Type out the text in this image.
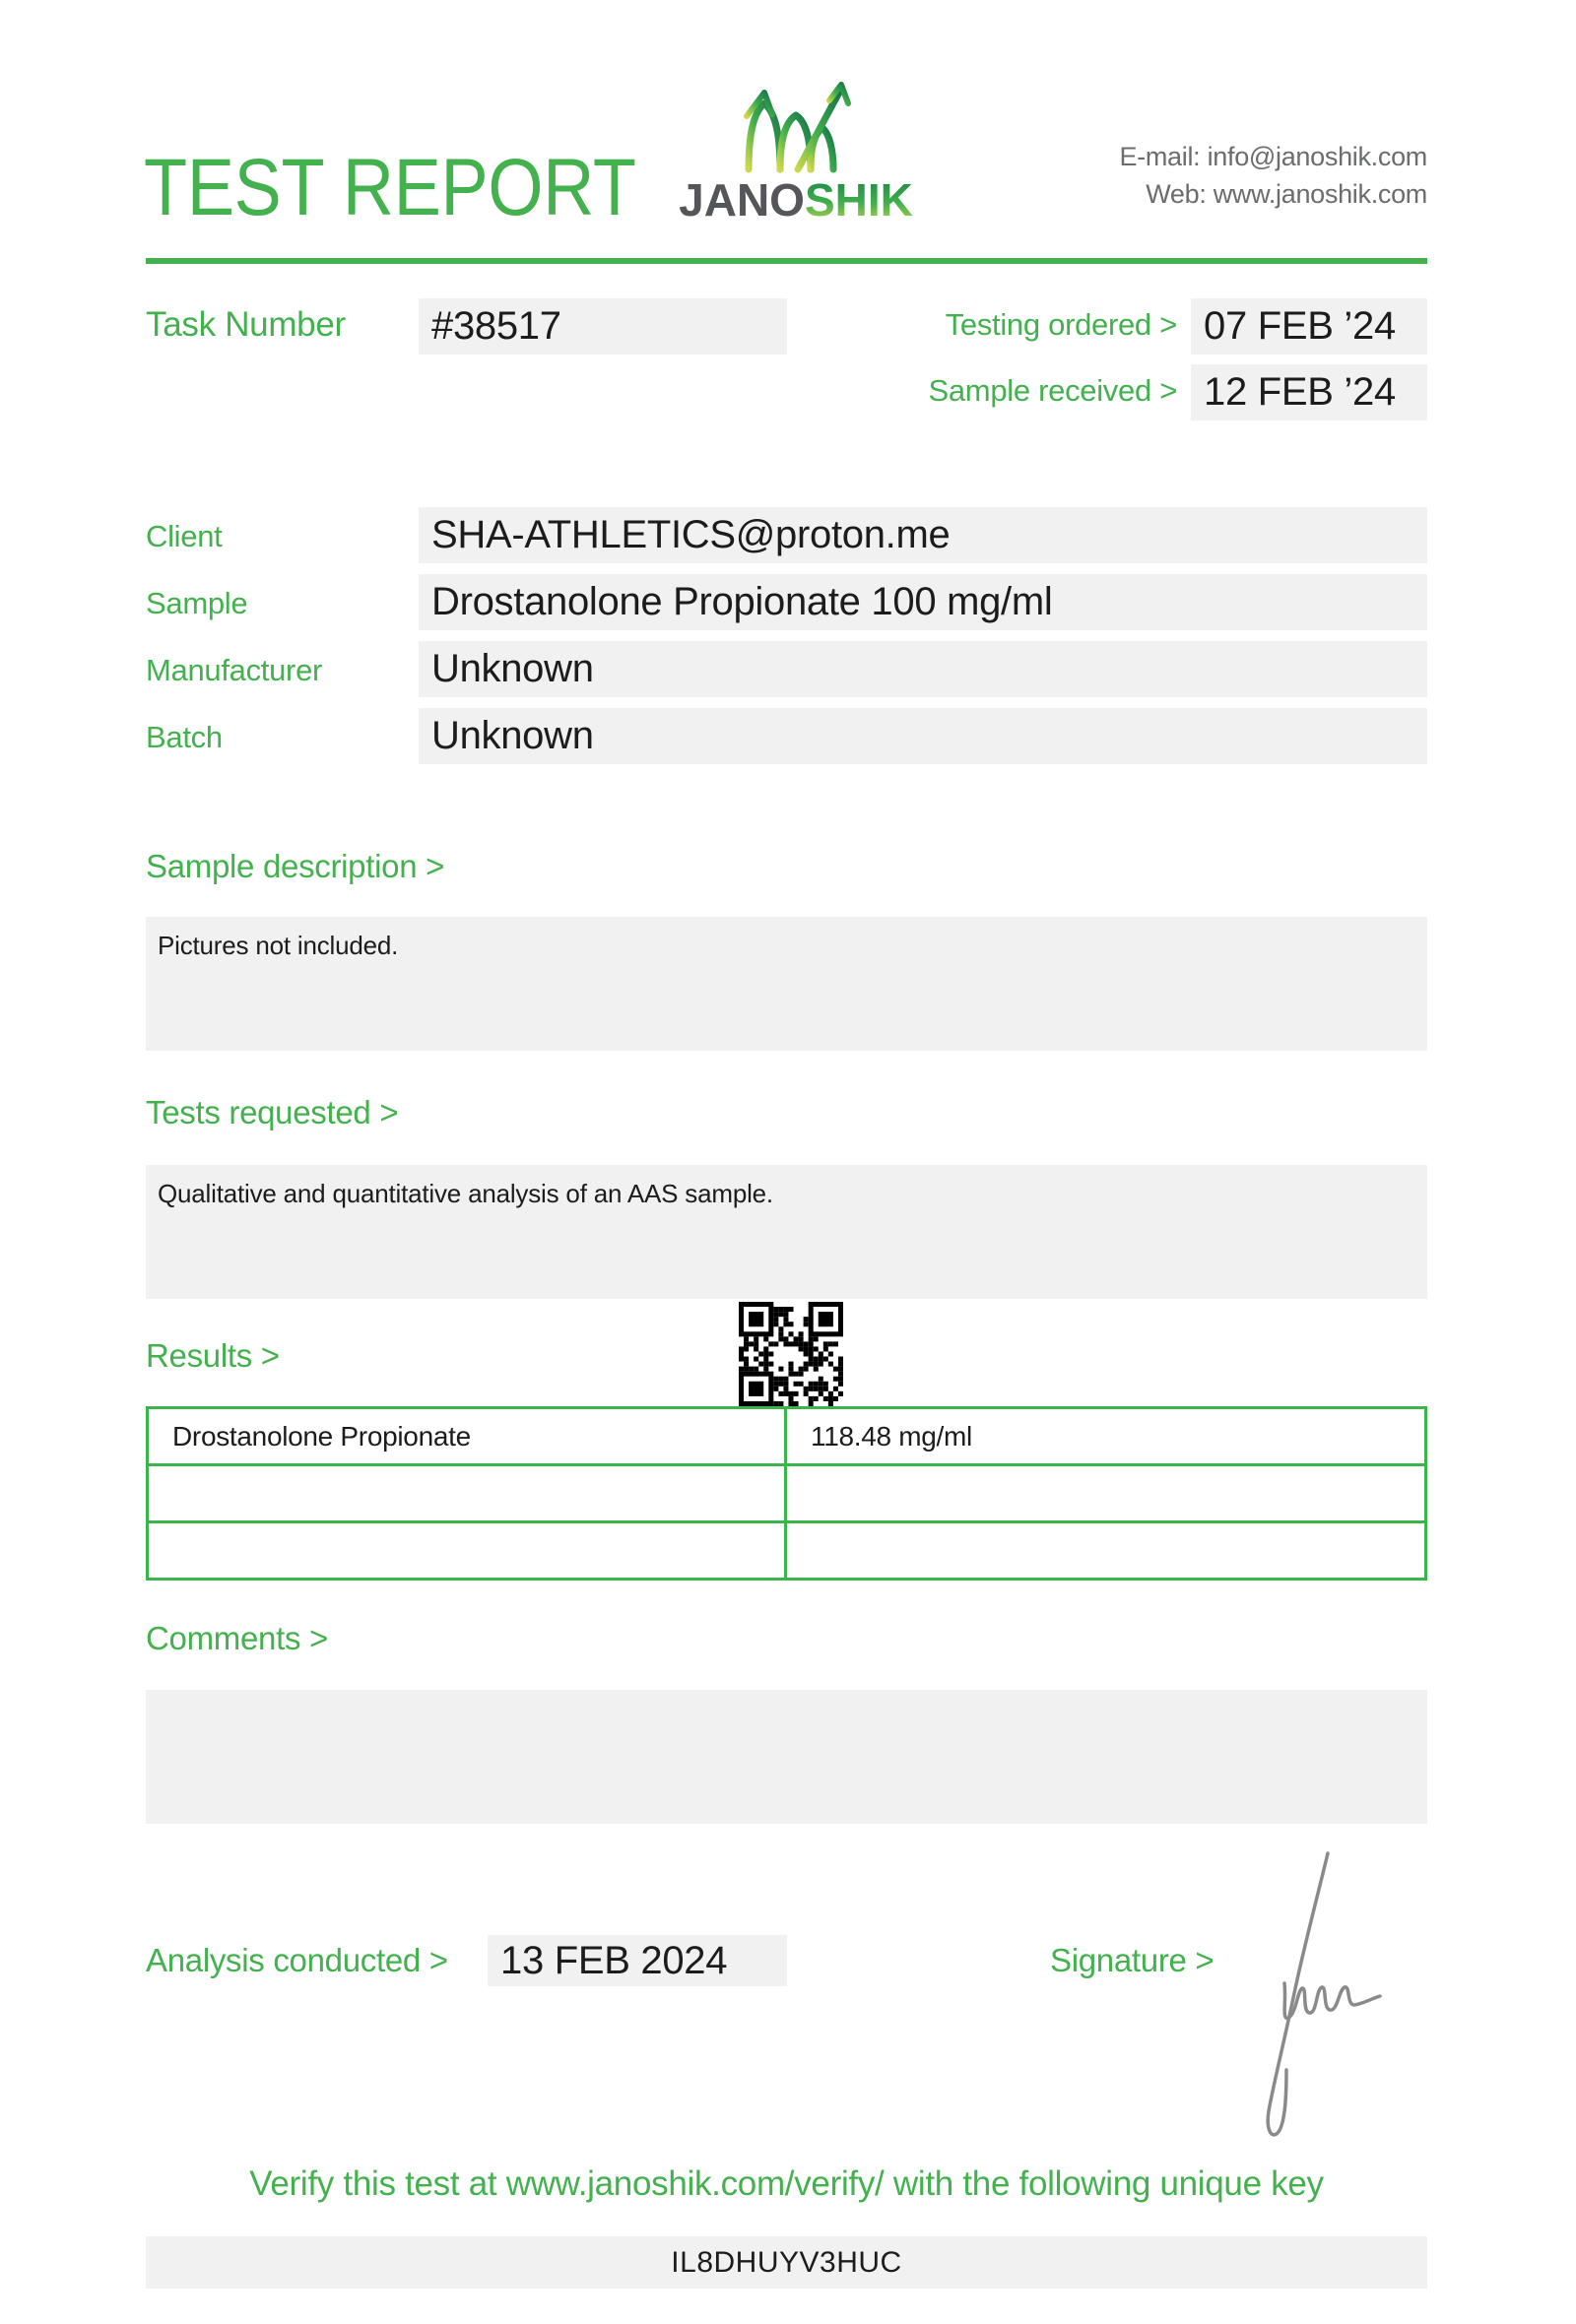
TEST REPORT JANOSHIK
E-mail: info@janoshik.com
Web: www.janoshik.com
Task Number	#38517	Testing ordered > 07 FEB ’24
Sample received > 12 FEB ’24
Client	SHA-ATHLETICS@proton.me
Sample	Drostanolone Propionate 100 mg/ml
Manufacturer	Unknown
Batch	Unknown
Sample description >
Pictures not included.
Tests requested >
Qualitative and quantitative analysis of an AAS sample.
Results >
Drostanolone Propionate	118.48 mg/ml
Comments >
Analysis conducted >	13 FEB 2024	Signature >
Verify this test at www.janoshik.com/verify/ with the following unique key
IL8DHUYV3HUC
